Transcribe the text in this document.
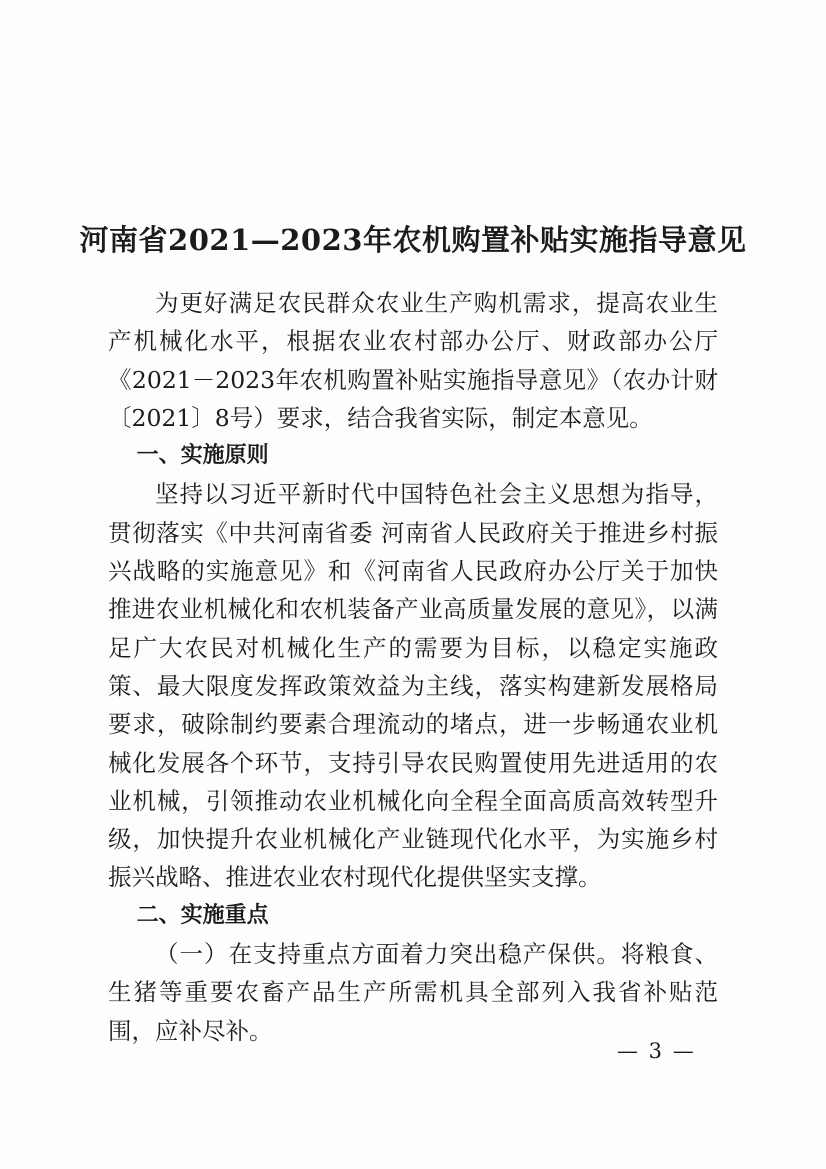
河南省2021—2023年农机购置补贴实施指导意见

为更好满足农民群众农业生产购机需求，提高农业生产机械化水平，根据农业农村部办公厅、财政部办公厅《2021－2023年农机购置补贴实施指导意见》（农办计财〔2021〕8号）要求，结合我省实际，制定本意见。

一、实施原则

坚持以习近平新时代中国特色社会主义思想为指导，贯彻落实《中共河南省委 河南省人民政府关于推进乡村振兴战略的实施意见》和《河南省人民政府办公厅关于加快推进农业机械化和农机装备产业高质量发展的意见》，以满足广大农民对机械化生产的需要为目标，以稳定实施政策、最大限度发挥政策效益为主线，落实构建新发展格局要求，破除制约要素合理流动的堵点，进一步畅通农业机械化发展各个环节，支持引导农民购置使用先进适用的农业机械，引领推动农业机械化向全程全面高质高效转型升级，加快提升农业机械化产业链现代化水平，为实施乡村振兴战略、推进农业农村现代化提供坚实支撑。

二、实施重点

（一）在支持重点方面着力突出稳产保供。将粮食、生猪等重要农畜产品生产所需机具全部列入我省补贴范围，应补尽补。

— 3 —
